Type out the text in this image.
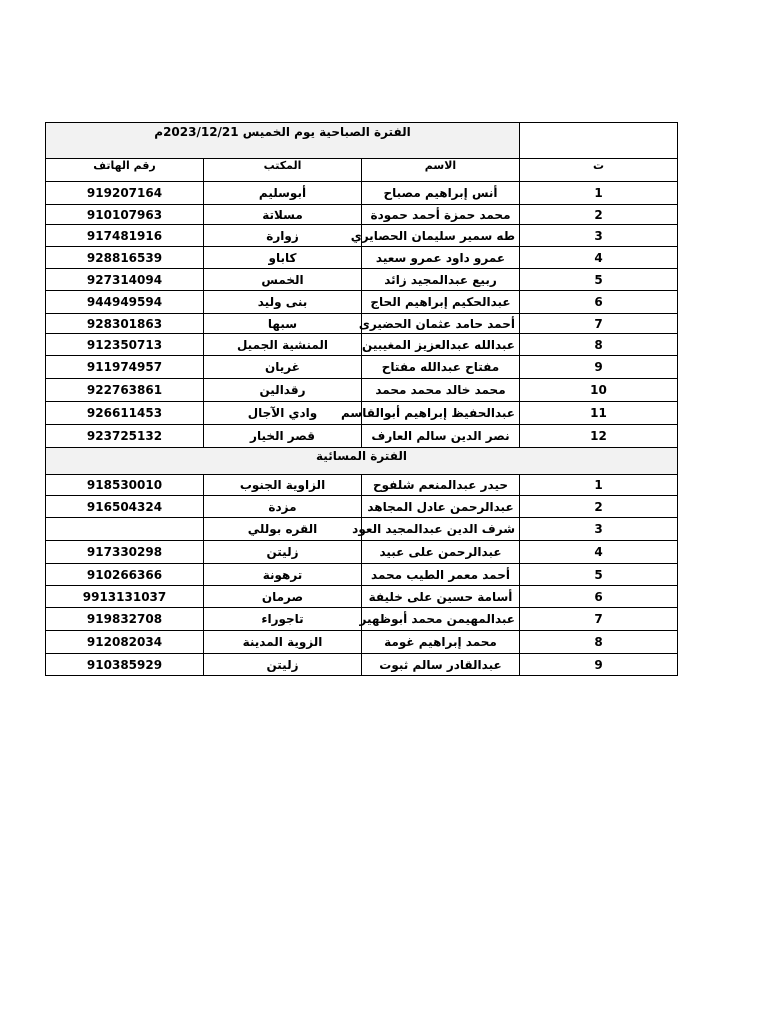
الفترة الصباحية يوم الخميس 2023/12/21م			
رقم الهاتف	المكتب	الاسم	ت
919207164	أبوسليم	أنس إبراهيم مصباح	1
910107963	مسلاتة	محمد حمزة أحمد حمودة	2
917481916	زوارة	طه سمير سليمان الحصايري	3
928816539	كاباو	عمرو داود عمرو سعيد	4
927314094	الخمس	ربيع عبدالمجيد زائد	5
944949594	بنى وليد	عبدالحكيم إبراهيم الحاج	6
928301863	سبها	أحمد حامد عثمان الحضيرى	7
912350713	المنشية الجميل	عبدالله عبدالعزيز المغيبين	8
911974957	غريان	مفتاح عبدالله مفتاح	9
922763861	رقدالين	محمد خالد محمد محمد	10
926611453	وادي الآجال	عبدالحفيظ إبراهيم أبوالقاسم	11
923725132	قصر الخيار	نصر الدين سالم العارف	12
الفترة المسائية			
918530010	الزاوية الجنوب	حيدر عبدالمنعم شلفوح	1
916504324	مزدة	عبدالرحمن عادل المجاهد	2
	القره بوللي	شرف الدين عبدالمجيد العود	3
917330298	زليتن	عبدالرحمن على عبيد	4
910266366	ترهونة	أحمد معمر الطيب محمد	5
9913131037	صرمان	أسامة حسين على خليفة	6
919832708	تاجوراء	عبدالمهيمن محمد أبوظهير	7
912082034	الزوية المدينة	محمد إبراهيم غومة	8
910385929	زليتن	عبدالقادر سالم ثبوت	9
